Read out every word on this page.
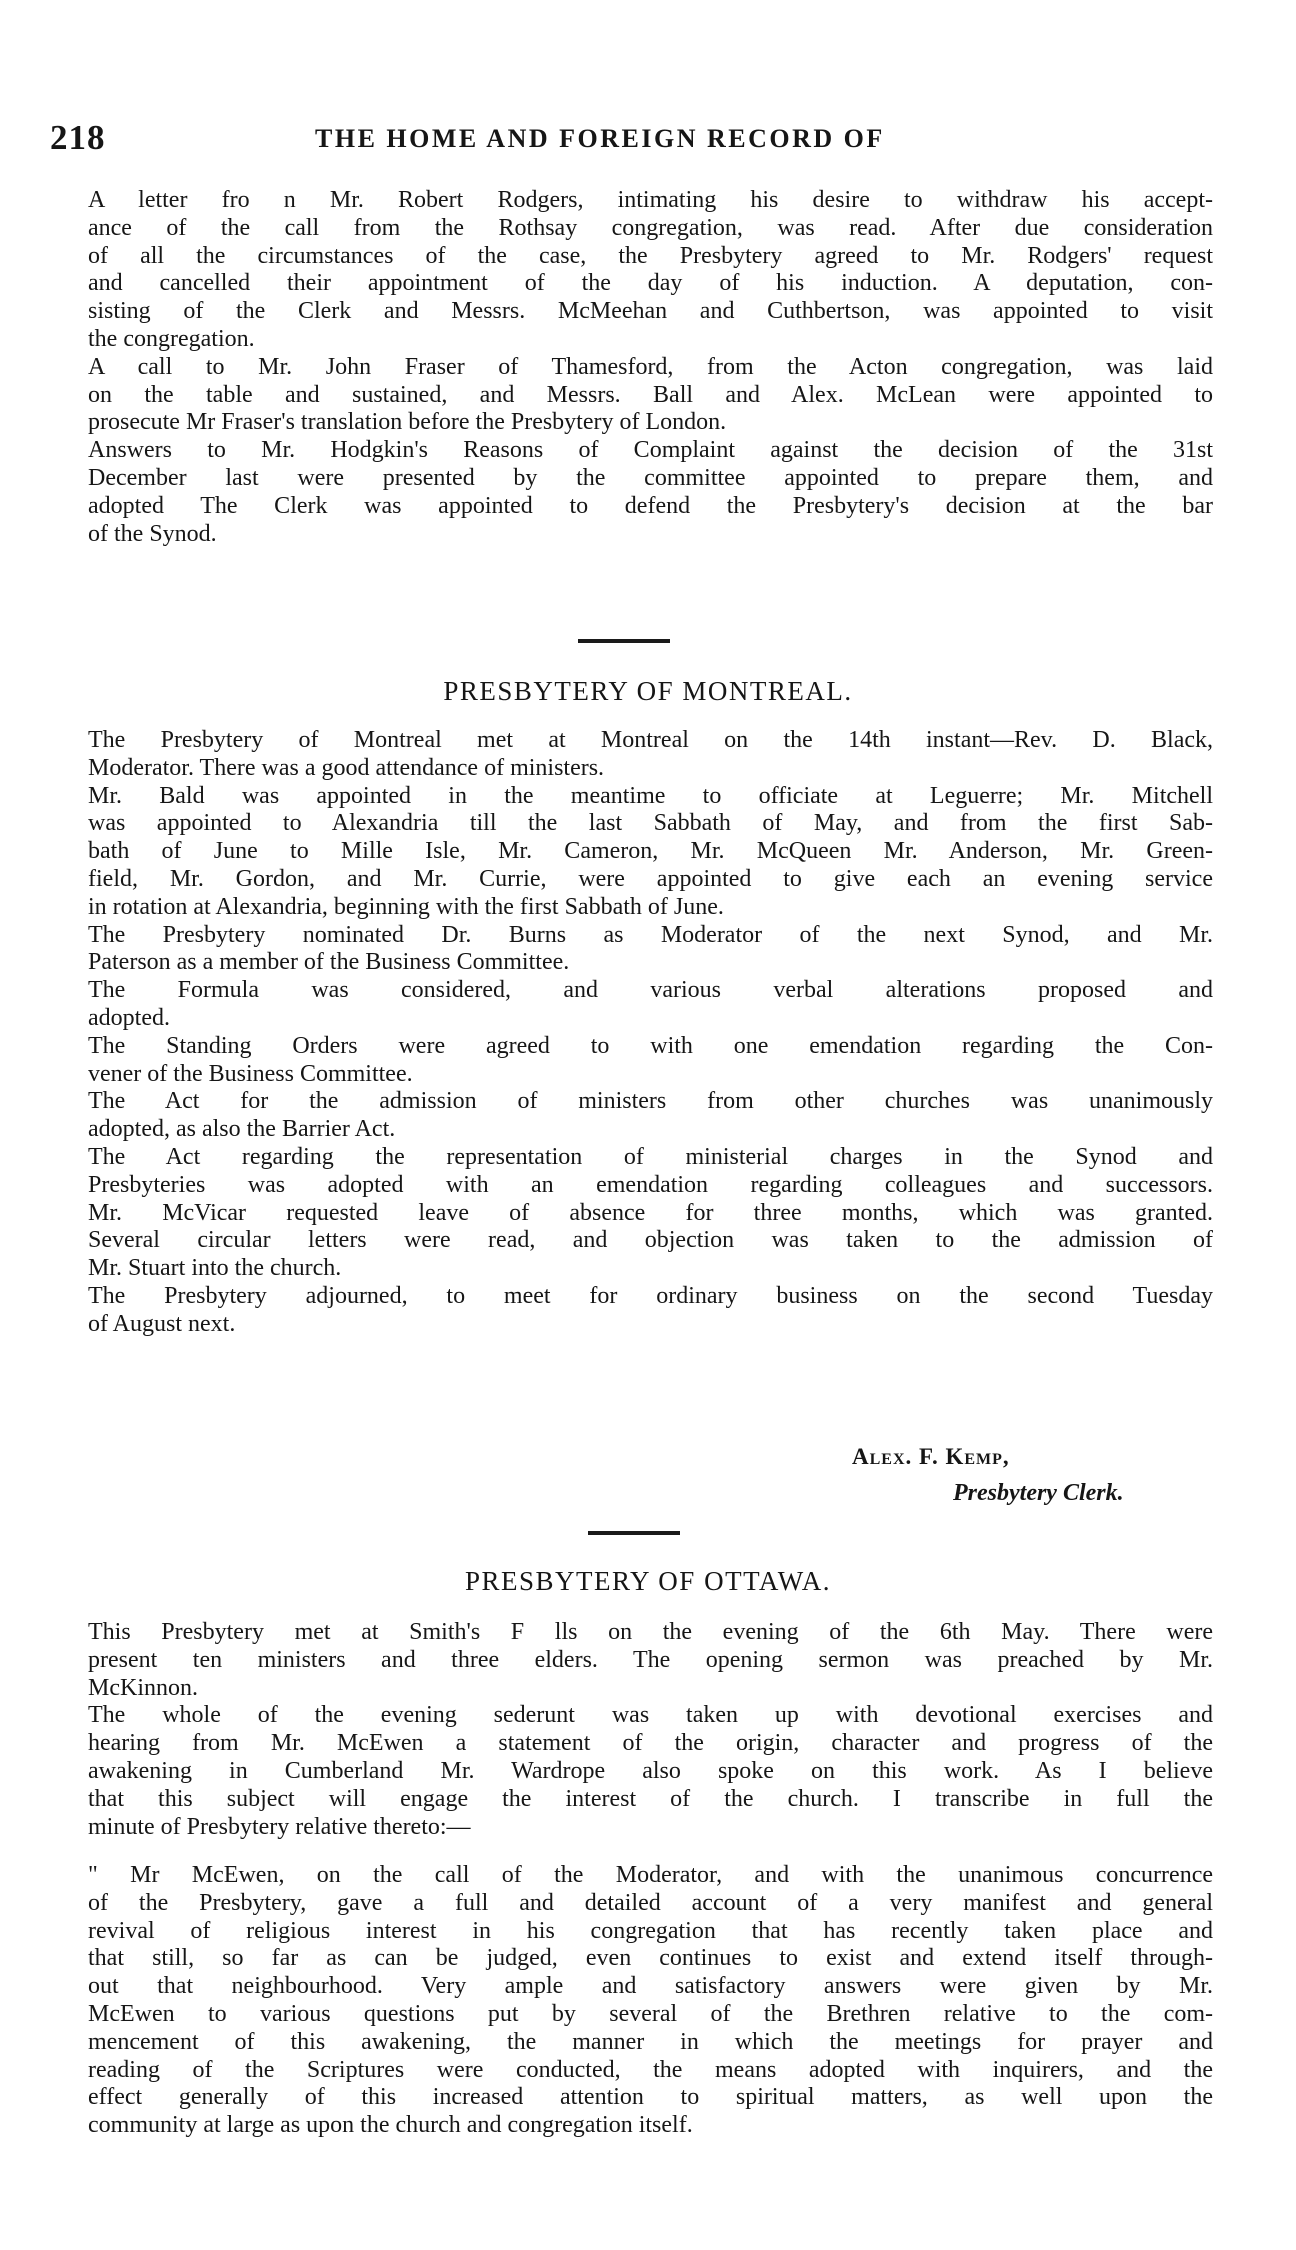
218	THE HOME AND FOREIGN RECORD OF
A letter fro n Mr. Robert Rodgers, intimating his desire to withdraw his accept-
ance of the call from the Rothsay congregation, was read. After due consideration
of all the circumstances of the case, the Presbytery agreed to Mr. Rodgers' request
and cancelled their appointment of the day of his induction. A deputation, con-
sisting of the Clerk and Messrs. McMeehan and Cuthbertson, was appointed to visit
the congregation.
A call to Mr. John Fraser of Thamesford, from the Acton congregation, was laid
on the table and sustained, and Messrs. Ball and Alex. McLean were appointed to
prosecute Mr Fraser's translation before the Presbytery of London.
Answers to Mr. Hodgkin's Reasons of Complaint against the decision of the 31st
December last were presented by the committee appointed to prepare them, and
adopted The Clerk was appointed to defend the Presbytery's decision at the bar
of the Synod.
PRESBYTERY OF MONTREAL.
The Presbytery of Montreal met at Montreal on the 14th instant—Rev. D. Black,
Moderator. There was a good attendance of ministers.
Mr. Bald was appointed in the meantime to officiate at Leguerre; Mr. Mitchell
was appointed to Alexandria till the last Sabbath of May, and from the first Sab-
bath of June to Mille Isle, Mr. Cameron, Mr. McQueen Mr. Anderson, Mr. Green-
field, Mr. Gordon, and Mr. Currie, were appointed to give each an evening service
in rotation at Alexandria, beginning with the first Sabbath of June.
The Presbytery nominated Dr. Burns as Moderator of the next Synod, and Mr.
Paterson as a member of the Business Committee.
The Formula was considered, and various verbal alterations proposed and
adopted.
The Standing Orders were agreed to with one emendation regarding the Con-
vener of the Business Committee.
The Act for the admission of ministers from other churches was unanimously
adopted, as also the Barrier Act.
The Act regarding the representation of ministerial charges in the Synod and
Presbyteries was adopted with an emendation regarding colleagues and successors.
Mr. McVicar requested leave of absence for three months, which was granted.
Several circular letters were read, and objection was taken to the admission of
Mr. Stuart into the church.
The Presbytery adjourned, to meet for ordinary business on the second Tuesday
of August next.
Alex. F. Kemp,
Presbytery Clerk.
PRESBYTERY OF OTTAWA.
This Presbytery met at Smith's F lls on the evening of the 6th May. There were
present ten ministers and three elders. The opening sermon was preached by Mr.
McKinnon.
The whole of the evening sederunt was taken up with devotional exercises and
hearing from Mr. McEwen a statement of the origin, character and progress of the
awakening in Cumberland Mr. Wardrope also spoke on this work. As I believe
that this subject will engage the interest of the church. I transcribe in full the
minute of Presbytery relative thereto:—
" Mr McEwen, on the call of the Moderator, and with the unanimous concurrence
of the Presbytery, gave a full and detailed account of a very manifest and general
revival of religious interest in his congregation that has recently taken place and
that still, so far as can be judged, even continues to exist and extend itself through-
out that neighbourhood. Very ample and satisfactory answers were given by Mr.
McEwen to various questions put by several of the Brethren relative to the com-
mencement of this awakening, the manner in which the meetings for prayer and
reading of the Scriptures were conducted, the means adopted with inquirers, and the
effect generally of this increased attention to spiritual matters, as well upon the
community at large as upon the church and congregation itself.
